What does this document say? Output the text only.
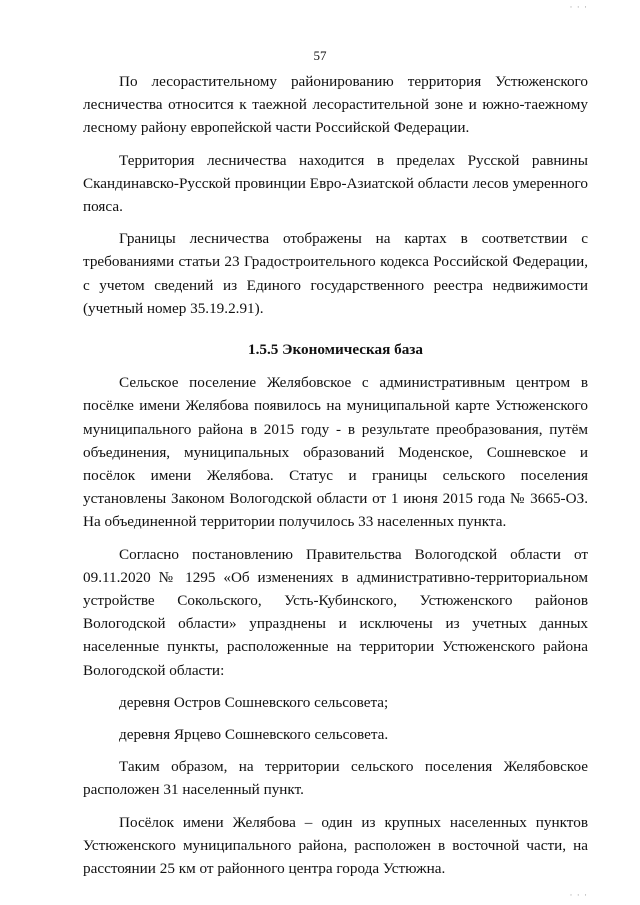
57

По лесорастительному районированию территория Устюженского лесничества относится к таежной лесорастительной зоне и южно-таежному лесному району европейской части Российской Федерации.

Территория лесничества находится в пределах Русской равнины Скандинавско-Русской провинции Евро-Азиатской области лесов умеренного пояса.

Границы лесничества отображены на картах в соответствии с требованиями статьи 23 Градостроительного кодекса Российской Федерации, с учетом сведений из Единого государственного реестра недвижимости (учетный номер 35.19.2.91).

1.5.5 Экономическая база

Сельское поселение Желябовское с административным центром в посёлке имени Желябова появилось на муниципальной карте Устюженского муниципального района в 2015 году - в результате преобразования, путём объединения, муниципальных образований Моденское, Сошневское и посёлок имени Желябова. Статус и границы сельского поселения установлены Законом Вологодской области от 1 июня 2015 года № 3665-ОЗ. На объединенной территории получилось 33 населенных пункта.

Согласно постановлению Правительства Вологодской области от 09.11.2020 № 1295 «Об изменениях в административно-территориальном устройстве Сокольского, Усть-Кубинского, Устюженского районов Вологодской области» упразднены и исключены из учетных данных населенные пункты, расположенные на территории Устюженского района Вологодской области:

деревня Остров Сошневского сельсовета;

деревня Ярцево Сошневского сельсовета.

Таким образом, на территории сельского поселения Желябовское расположен 31 населенный пункт.

Посёлок имени Желябова – один из крупных населенных пунктов Устюженского муниципального района, расположен в восточной части, на расстоянии 25 км от районного центра города Устюжна.

· · ·
· · ·
